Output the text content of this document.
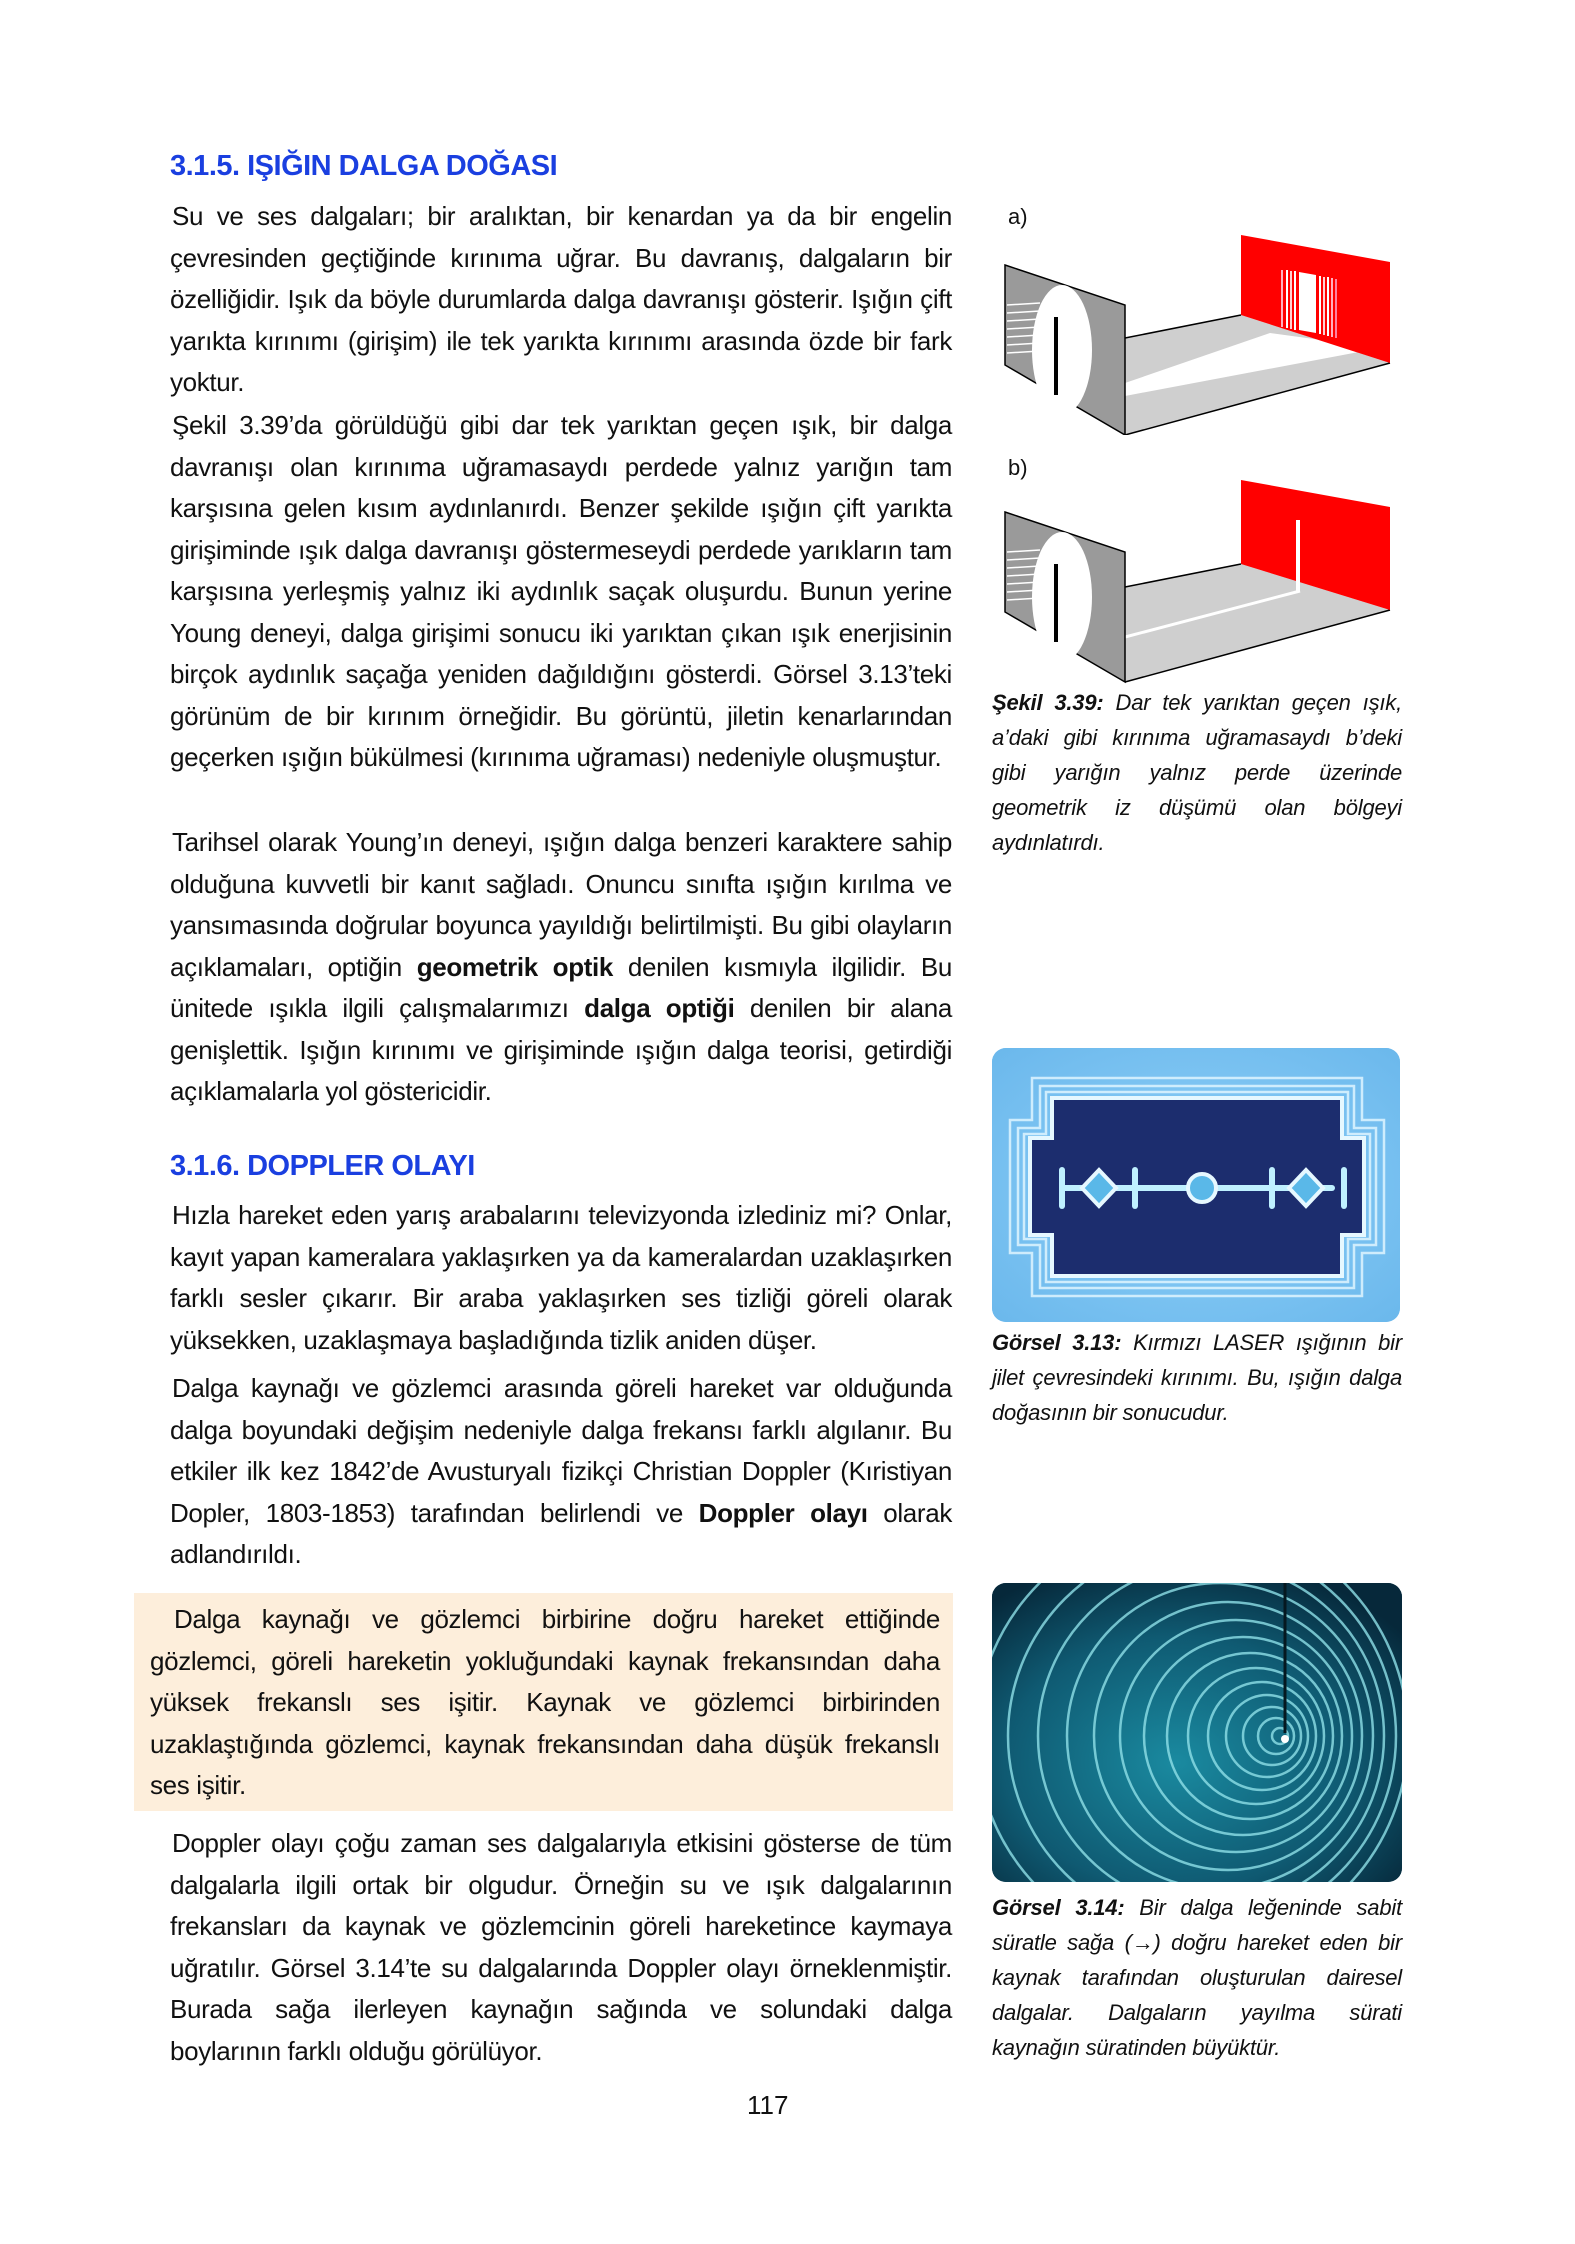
3.1.5. IŞIĞIN DALGA DOĞASI

Su ve ses dalgaları; bir aralıktan, bir kenardan ya da bir engelin çevresinden geçtiğinde kırınıma uğrar. Bu davranış, dalgaların bir özelliğidir. Işık da böyle durumlarda dalga davranışı gösterir. Işığın çift yarıkta kırınımı (girişim) ile tek yarıkta kırınımı arasında özde bir fark yoktur.

Şekil 3.39’da görüldüğü gibi dar tek yarıktan geçen ışık, bir dalga davranışı olan kırınıma uğramasaydı perdede yalnız yarığın tam karşısına gelen kısım aydınlanırdı. Benzer şekilde ışığın çift yarıkta girişiminde ışık dalga davranışı göstermeseydi perdede yarıkların tam karşısına yerleşmiş yalnız iki aydınlık saçak oluşurdu. Bunun yerine Young deneyi, dalga girişimi sonucu iki yarıktan çıkan ışık enerjisinin birçok aydınlık saçağa yeniden dağıldığını gösterdi. Görsel 3.13’teki görünüm de bir kırınım örneğidir. Bu görüntü, jiletin kenarlarından geçerken ışığın bükülmesi (kırınıma uğraması) nedeniyle oluşmuştur.

Tarihsel olarak Young’ın deneyi, ışığın dalga benzeri karaktere sahip olduğuna kuvvetli bir kanıt sağladı. Onuncu sınıfta ışığın kırılma ve yansımasında doğrular boyunca yayıldığı belirtilmişti. Bu gibi olayların açıklamaları, optiğin geometrik optik denilen kısmıyla ilgilidir. Bu ünitede ışıkla ilgili çalışmalarımızı dalga optiği denilen bir alana genişlettik. Işığın kırınımı ve girişiminde ışığın dalga teorisi, getirdiği açıklamalarla yol göstericidir.

3.1.6. DOPPLER OLAYI

Hızla hareket eden yarış arabalarını televizyonda izlediniz mi? Onlar, kayıt yapan kameralara yaklaşırken ya da kameralardan uzaklaşırken farklı sesler çıkarır. Bir araba yaklaşırken ses tizliği göreli olarak yüksekken, uzaklaşmaya başladığında tizlik aniden düşer.

Dalga kaynağı ve gözlemci arasında göreli hareket var olduğunda dalga boyundaki değişim nedeniyle dalga frekansı farklı algılanır. Bu etkiler ilk kez 1842’de Avusturyalı fizikçi Christian Doppler (Kıristiyan Dopler, 1803-1853) tarafından belirlendi ve Doppler olayı olarak adlandırıldı.

Doppler olayı çoğu zaman ses dalgalarıyla etkisini gösterse de tüm dalgalarla ilgili ortak bir olgudur. Örneğin su ve ışık dalgalarının frekansları da kaynak ve gözlemcinin göreli hareketince kaymaya uğratılır. Görsel 3.14’te su dalgalarında Doppler olayı örneklenmiştir. Burada sağa ilerleyen kaynağın sağında ve solundaki dalga boylarının farklı olduğu görülüyor.

Dalga kaynağı ve gözlemci birbirine doğru hareket ettiğinde gözlemci, göreli hareketin yokluğundaki kaynak frekansından daha yüksek frekanslı ses işitir. Kaynak ve gözlemci birbirinden uzaklaştığında gözlemci, kaynak frekansından daha düşük frekanslı ses işitir.

a)
b)

Şekil 3.39: Dar tek yarıktan geçen ışık, a’daki gibi kırınıma uğramasaydı b’deki gibi yarığın yalnız perde üzerinde geometrik iz düşümü olan bölgeyi aydınlatırdı.

Görsel 3.13: Kırmızı LASER ışığının bir jilet çevresindeki kırınımı. Bu, ışığın dalga doğasının bir sonucudur.

Görsel 3.14: Bir dalga leğeninde sabit süratle sağa (→) doğru hareket eden bir kaynak tarafından oluşturulan dairesel dalgalar. Dalgaların yayılma sürati kaynağın süratinden büyüktür.

117
